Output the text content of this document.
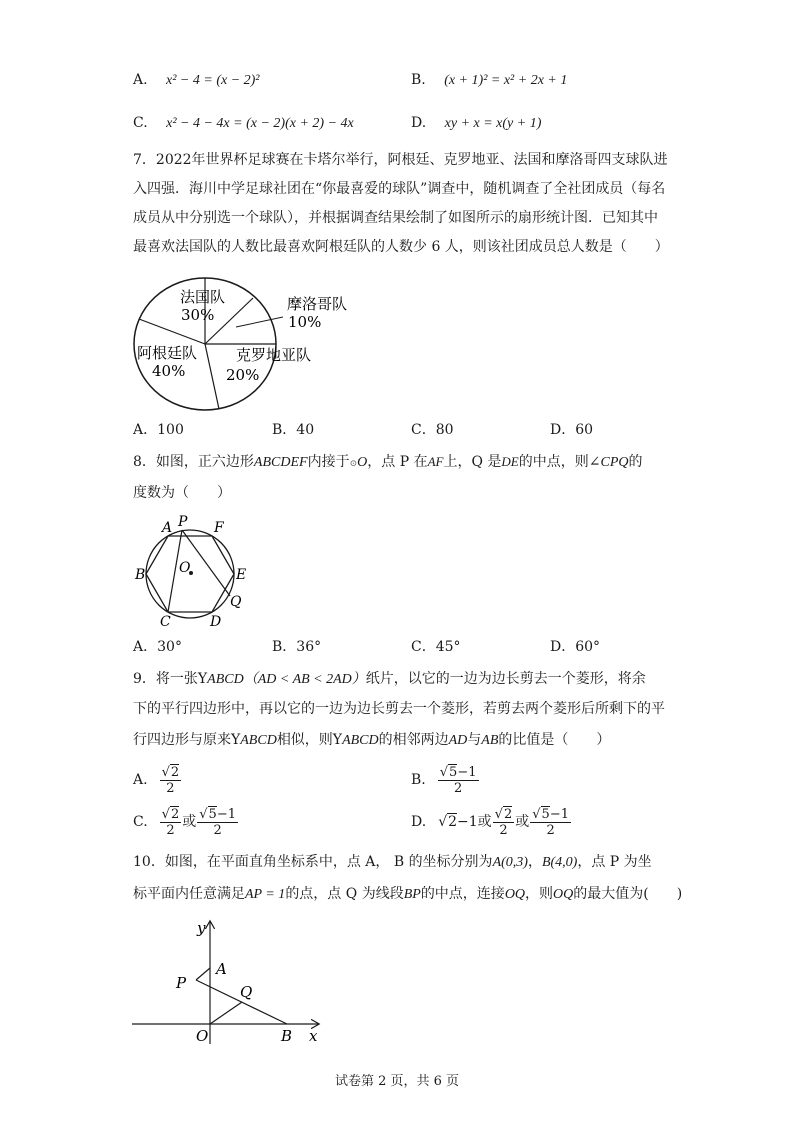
A. x² − 4 = (x − 2)²	B. (x + 1)² = x² + 2x + 1
C. x² − 4 − 4x = (x − 2)(x + 2) − 4x	D. xy + x = x(y + 1)
7．2022年世界杯足球赛在卡塔尔举行，阿根廷、克罗地亚、法国和摩洛哥四支球队进
入四强．海川中学足球社团在“你最喜爱的球队”调查中，随机调查了全社团成员（每名
成员从中分别选一个球队），并根据调查结果绘制了如图所示的扇形统计图．已知其中
最喜欢法国队的人数比最喜欢阿根廷队的人数少 6 人，则该社团成员总人数是（　　）
法国队
30%
摩洛哥队
10%
阿根廷队
40%
克罗地亚队
20%
A．100	B．40	C．80	D．60
8．如图，正六边形ABCDEF内接于⊙O，点 P 在AF上，Q 是DE的中点，则∠CPQ的
度数为（　　）
A P F
B O	E
Q
C	D
A．30°	B．36°	C．45°	D．60°
9．将一张YABCD（AD < AB < 2AD）纸片，以它的一边为边长剪去一个菱形，将余
下的平行四边形中，再以它的一边为边长剪去一个菱形，若剪去两个菱形后所剩下的平
行四边形与原来YABCD相似，则YABCD的相邻两边AD与AB的比值是（　　）
A. $\frac{√2}{2}$	B. $\frac{√5-1}{2}$
C. $\frac{√2}{2}$ 或 $\frac{√5-1}{2}$	D. √2−1 或 $\frac{√2}{2}$ 或 $\frac{√5-1}{2}$
10．如图，在平面直角坐标系中，点 A， B 的坐标分别为A(0,3)，B(4,0)，点 P 为坐
标平面内任意满足AP = 1的点，点 Q 为线段BP的中点，连接OQ，则OQ的最大值为(　　)
y
A
P	Q
O	B x
试卷第 2 页，共 6 页
